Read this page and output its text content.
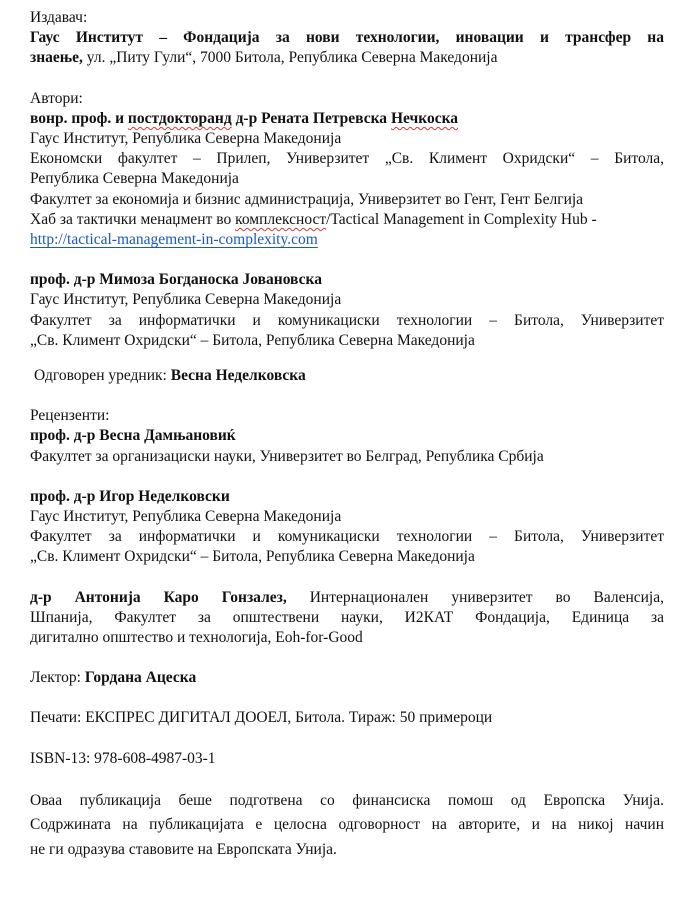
Издавач:
Гаус Институт – Фондација за нови технологии, иновации и трансфер на
знаење, ул. „Питу Гули“, 7000 Битола, Република Северна Македонија
Автори:
вонр. проф. и постдокторанд д-р Рената Петревска Нечкоска
Гаус Институт, Република Северна Македонија
Економски факултет – Прилеп, Универзитет „Св. Климент Охридски“ – Битола,
Република Северна Македонија
Факултет за економија и бизнис администрација, Универзитет во Гент, Гент Белгија
Хаб за тактички менаџмент во комплексност/Tactical Management in Complexity Hub -
http://tactical-management-in-complexity.com
проф. д-р Мимоза Богданоска Јовановска
Гаус Институт, Република Северна Македонија
Факултет за информатички и комуникациски технологии – Битола, Универзитет
„Св. Климент Охридски“ – Битола, Република Северна Македонија
Одговорен уредник: Весна Неделковска
Рецензенти:
проф. д-р Весна Дамњановиќ
Факултет за организациски науки, Универзитет во Белград, Република Србија
проф. д-р Игор Неделковски
Гаус Институт, Република Северна Македонија
Факултет за информатички и комуникациски технологии – Битола, Универзитет
„Св. Климент Охридски“ – Битола, Република Северна Македонија
д-р Антонија Каро Гонзалез, Интернационален универзитет во Валенсија,
Шпанија, Факултет за општествени науки, И2КАТ Фондација, Единица за
дигитално општество и технологија, Eoh-for-Good
Лектор: Гордана Ацеска
Печати: ЕКСПРЕС ДИГИТАЛ ДООЕЛ, Битола. Тираж: 50 примероци
ISBN-13: 978-608-4987-03-1
Оваа публикација беше подготвена со финансиска помош од Европска Унија.
Содржината на публикацијата е целосна одговорност на авторите, и на никој начин
не ги одразува ставовите на Европската Унија.
